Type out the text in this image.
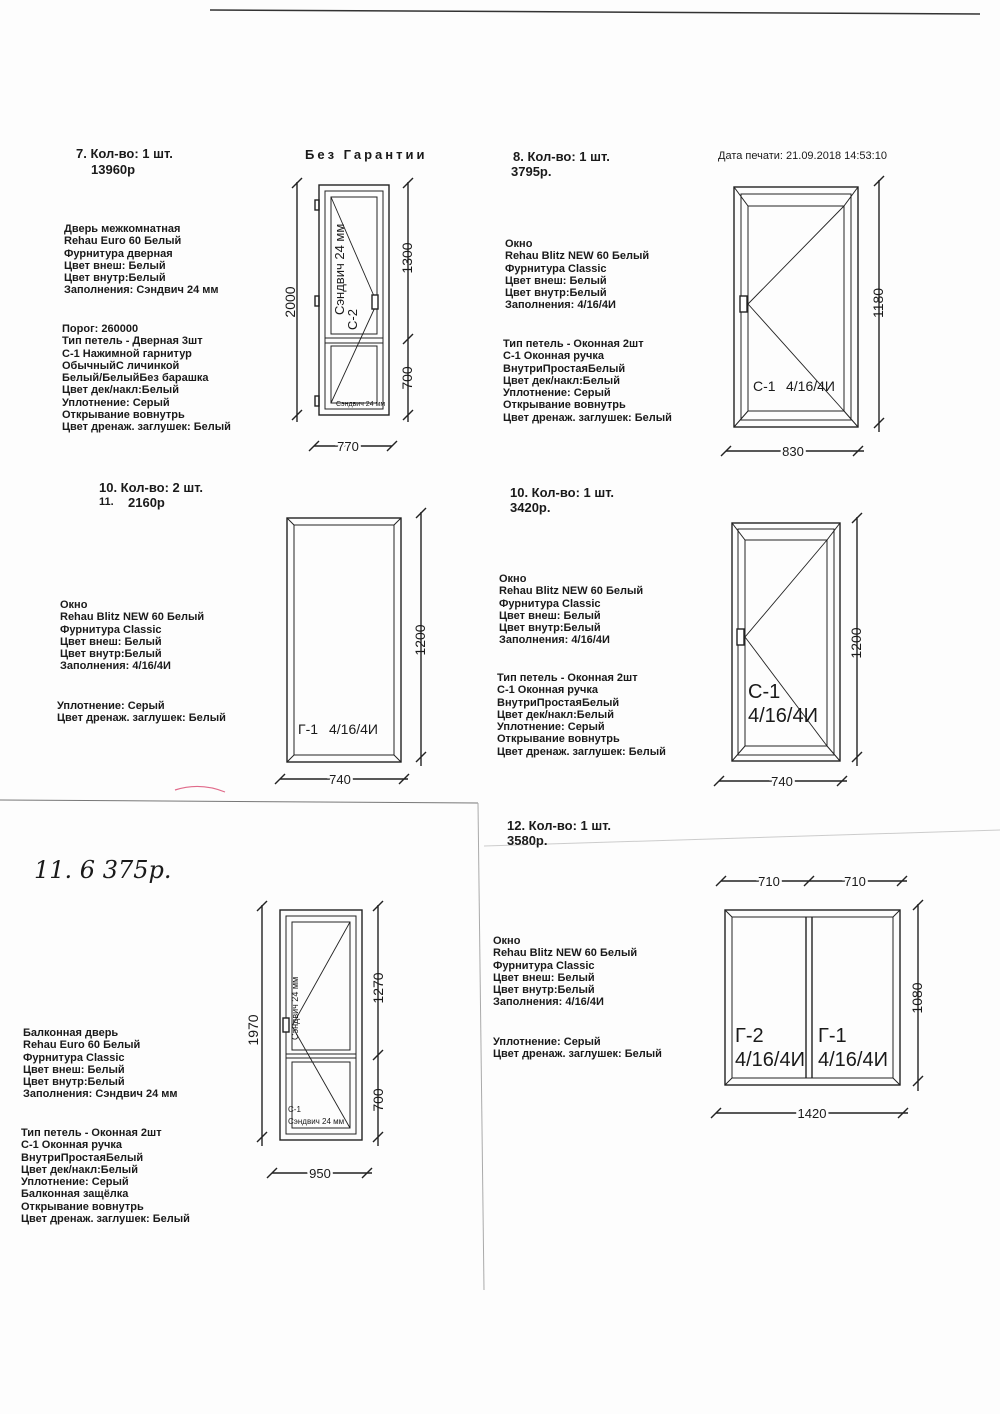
Без Гарантии	Дата печати: 21.09.2018 14:53:10
7. Кол-во: 1 шт.
13960р
Дверь межкомнатная
Rehau Euro 60 Белый
Фурнитура дверная
Цвет внеш: Белый
Цвет внутр:Белый
Заполнения: Сэндвич 24 мм
Порог: 260000
Тип петель - Дверная 3шт
С-1 Нажимной гарнитур
ОбычныйС личинкой
Белый/БелыйБез барашка
Цвет дек/накл:Белый
Уплотнение: Серый
Открывание вовнутрь
Цвет дренаж. заглушек: Белый
2000
1300
700
770
Сэндвич 24 мм
С-2
Сэндвич 24 мм
8. Кол-во: 1 шт.
3795р.
Окно
Rehau Blitz NEW 60 Белый
Фурнитура Classic
Цвет внеш: Белый
Цвет внутр:Белый
Заполнения: 4/16/4И
Тип петель - Оконная 2шт
С-1 Оконная ручка
ВнутриПростаяБелый
Цвет дек/накл:Белый
Уплотнение: Серый
Открывание вовнутрь
Цвет дренаж. заглушек: Белый
1180
830
С-1 4/16/4И
10. Кол-во: 2 шт.
11. 2160р
Окно
Rehau Blitz NEW 60 Белый
Фурнитура Classic
Цвет внеш: Белый
Цвет внутр:Белый
Заполнения: 4/16/4И
Уплотнение: Серый
Цвет дренаж. заглушек: Белый
1200
740
Г-1 4/16/4И
10. Кол-во: 1 шт.
3420р.
Окно
Rehau Blitz NEW 60 Белый
Фурнитура Classic
Цвет внеш: Белый
Цвет внутр:Белый
Заполнения: 4/16/4И
Тип петель - Оконная 2шт
С-1 Оконная ручка
ВнутриПростаяБелый
Цвет дек/накл:Белый
Уплотнение: Серый
Открывание вовнутрь
Цвет дренаж. заглушек: Белый
1200
740
С-1
4/16/4И
11. 6 375р.
Балконная дверь
Rehau Euro 60 Белый
Фурнитура Classic
Цвет внеш: Белый
Цвет внутр:Белый
Заполнения: Сэндвич 24 мм
Тип петель - Оконная 2шт
С-1 Оконная ручка
ВнутриПростаяБелый
Цвет дек/накл:Белый
Уплотнение: Серый
Балконная защёлка
Открывание вовнутрь
Цвет дренаж. заглушек: Белый
1970
1270
700
950
Сэндвич 24 мм
С-1
Сэндвич 24 мм
12. Кол-во: 1 шт.
3580р.
Окно
Rehau Blitz NEW 60 Белый
Фурнитура Classic
Цвет внеш: Белый
Цвет внутр:Белый
Заполнения: 4/16/4И
Уплотнение: Серый
Цвет дренаж. заглушек: Белый
710	710
1080
1420
Г-2
4/16/4И
Г-1
4/16/4И
